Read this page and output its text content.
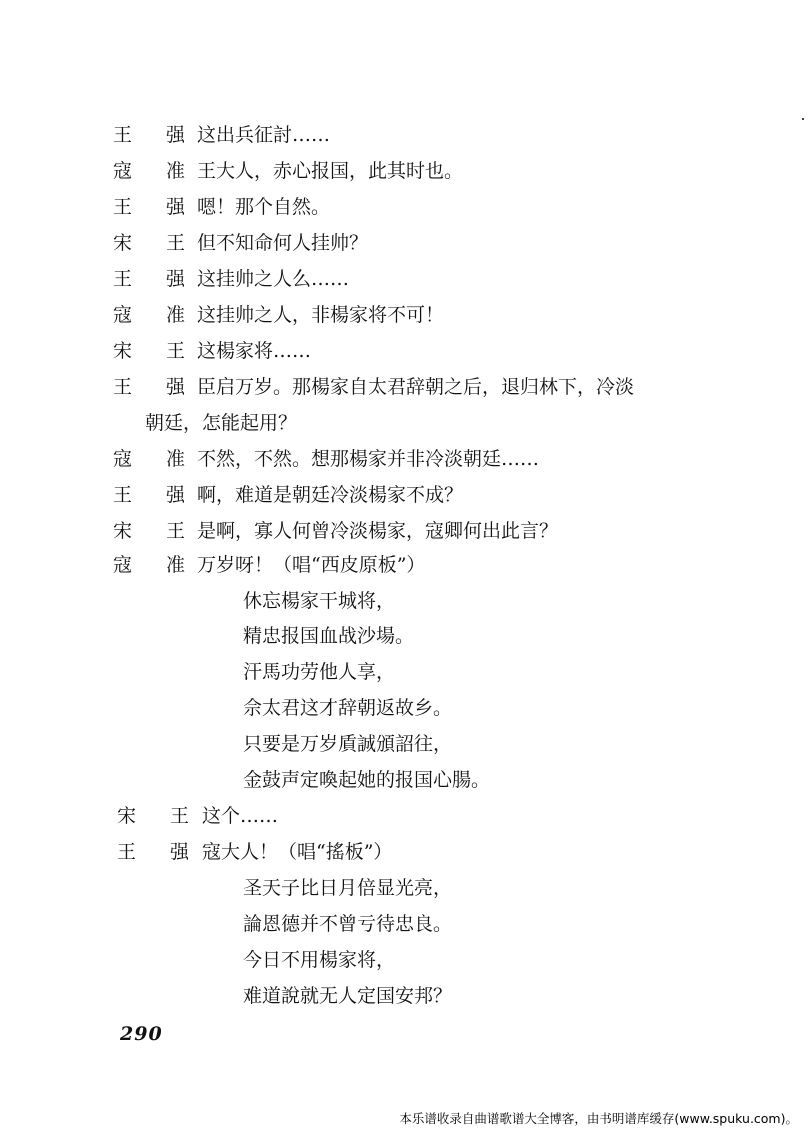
王 强
这出兵征討……
寇 准
王大人，赤心报国，此其时也。
王 强
嗯！那个自然。
宋 王
但不知命何人挂帅？
王 强
这挂帅之人么……
寇 准
这挂帅之人，非楊家将不可！
宋 王
这楊家将……
王 强
臣启万岁。那楊家自太君辞朝之后，退归林下，冷淡
朝廷，怎能起用？
寇 准
不然，不然。想那楊家并非冷淡朝廷……
王 强
啊，难道是朝廷冷淡楊家不成？
宋 王
是啊，寡人何曾冷淡楊家，寇卿何出此言？
寇 准
万岁呀！（唱“西皮原板”）
休忘楊家干城将，
精忠报国血战沙場。
汗馬功劳他人享，
佘太君这才辞朝返故乡。
只要是万岁貭誠頒詔往，
金鼓声定喚起她的报国心腸。
宋 王
这个……
王 强
寇大人！（唱“搖板”）
圣天子比日月倍显光亮，
論恩德并不曾亏待忠良。
今日不用楊家将，
难道說就无人定国安邦？
290
本乐谱收录自曲谱歌谱大全博客，由书明谱库缓存(www.spuku.com)。
